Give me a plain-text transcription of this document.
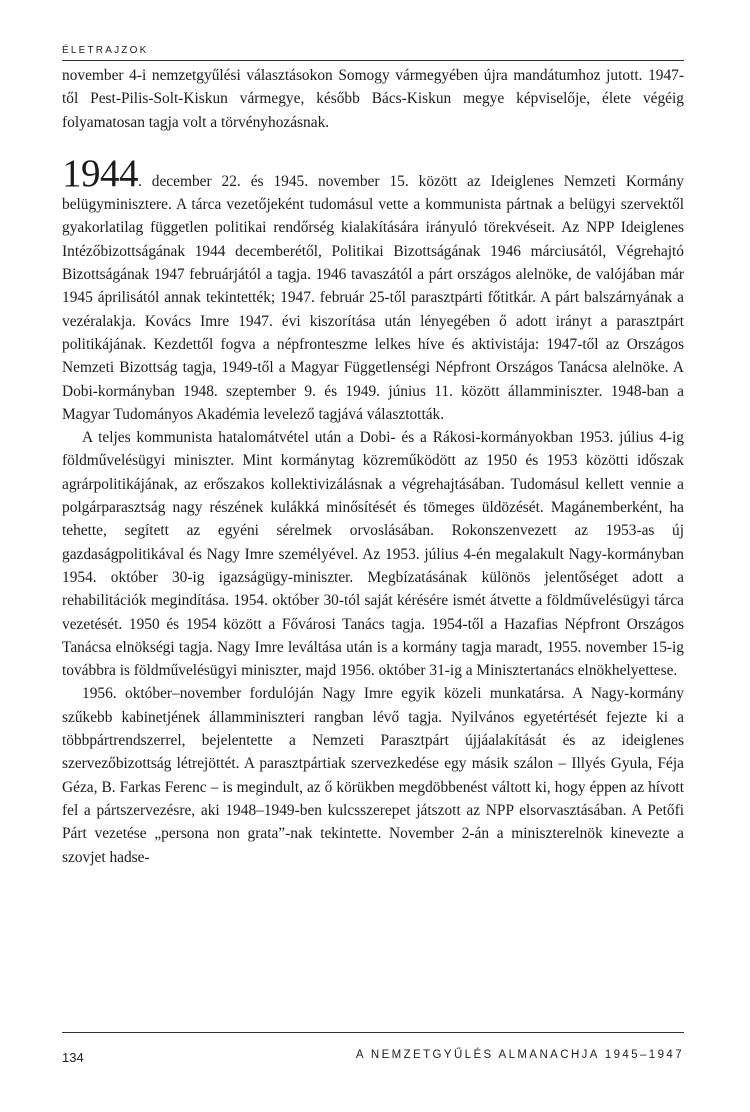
ÉLETRAJZOK

november 4-i nemzetgyűlési választásokon Somogy vármegyében újra mandátumhoz jutott. 1947-től Pest-Pilis-Solt-Kiskun vármegye, később Bács-Kiskun megye képviselője, élete végéig folyamatosan tagja volt a törvényhozásnak.

1944. december 22. és 1945. november 15. között az Ideiglenes Nemzeti Kormány belügyminisztere. A tárca vezetőjeként tudomásul vette a kommunista pártnak a belügyi szervektől gyakorlatilag független politikai rendőrség kialakítására irányuló törekvéseit. Az NPP Ideiglenes Intézőbizottságának 1944 decemberétől, Politikai Bizottságának 1946 márciusától, Végrehajtó Bizottságának 1947 februárjától a tagja. 1946 tavaszától a párt országos alelnöke, de valójában már 1945 áprilisától annak tekintették; 1947. február 25-től parasztpárti főtitkár. A párt balszárnyának a vezéralakja. Kovács Imre 1947. évi kiszorítása után lényegében ő adott irányt a parasztpárt politikájának. Kezdettől fogva a népfronteszme lelkes híve és aktivistája: 1947-től az Országos Nemzeti Bizottság tagja, 1949-től a Magyar Függetlenségi Népfront Országos Tanácsa alelnöke. A Dobi-kormányban 1948. szeptember 9. és 1949. június 11. között államminiszter. 1948-ban a Magyar Tudományos Akadémia levelező tagjává választották.

A teljes kommunista hatalomátvétel után a Dobi- és a Rákosi-kormányokban 1953. július 4-ig földművelésügyi miniszter. Mint kormánytag közreműködött az 1950 és 1953 közötti időszak agrárpolitikájának, az erőszakos kollektivizálásnak a végrehajtásában. Tudomásul kellett vennie a polgárparasztság nagy részének kulákká minősítését és tömeges üldözését. Magánemberként, ha tehette, segített az egyéni sérelmek orvoslásában. Rokonszenvezett az 1953-as új gazdaságpolitikával és Nagy Imre személyével. Az 1953. július 4-én megalakult Nagy-kormányban 1954. október 30-ig igazságügy-miniszter. Megbízatásának különös jelentőséget adott a rehabilitációk megindítása. 1954. október 30-tól saját kérésére ismét átvette a földművelésügyi tárca vezetését. 1950 és 1954 között a Fővárosi Tanács tagja. 1954-től a Hazafias Népfront Országos Tanácsa elnökségi tagja. Nagy Imre leváltása után is a kormány tagja maradt, 1955. november 15-ig továbbra is földművelésügyi miniszter, majd 1956. október 31-ig a Minisztertanács elnökhelyettese.

1956. október–november fordulóján Nagy Imre egyik közeli munkatársa. A Nagy-kormány szűkebb kabinetjének államminiszteri rangban lévő tagja. Nyilvános egyetértését fejezte ki a többpártrendszerrel, bejelentette a Nemzeti Parasztpárt újjáalakítását és az ideiglenes szervezőbizottság létrejöttét. A parasztpártiak szervezkedése egy másik szálon – Illyés Gyula, Féja Géza, B. Farkas Ferenc – is megindult, az ő körükben megdöbbenést váltott ki, hogy éppen az hívott fel a pártszervezésre, aki 1948–1949-ben kulcsszerepet játszott az NPP elsorvasztásában. A Petőfi Párt vezetése „persona non grata”-nak tekintette. November 2-án a miniszterelnök kinevezte a szovjet hadse-

134	A NEMZETGYŰLÉS ALMANACHJA 1945–1947
